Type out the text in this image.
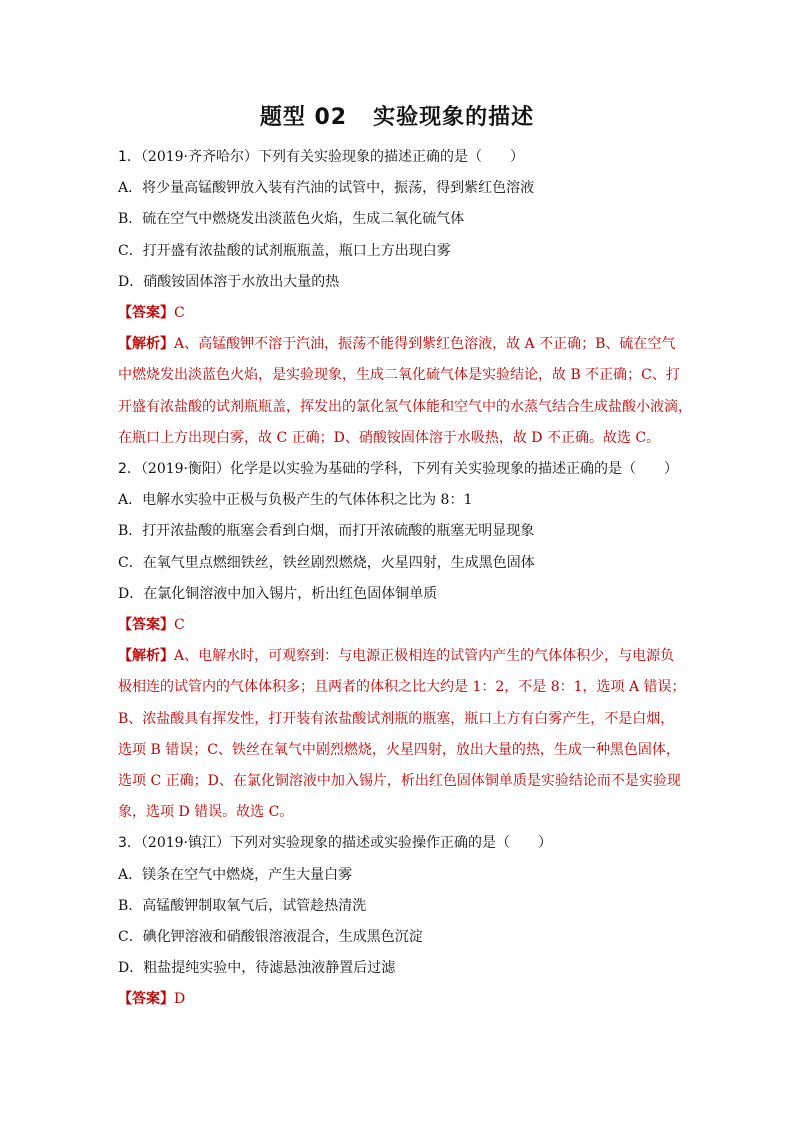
题型 02 实验现象的描述
1．（2019·齐齐哈尔）下列有关实验现象的描述正确的是（　　）
A．将少量高锰酸钾放入装有汽油的试管中，振荡，得到紫红色溶液
B．硫在空气中燃烧发出淡蓝色火焰，生成二氧化硫气体
C．打开盛有浓盐酸的试剂瓶瓶盖，瓶口上方出现白雾
D．硝酸铵固体溶于水放出大量的热
【答案】C
【解析】A、高锰酸钾不溶于汽油，振荡不能得到紫红色溶液，故 A 不正确；B、硫在空气
中燃烧发出淡蓝色火焰，是实验现象，生成二氧化硫气体是实验结论，故 B 不正确；C、打
开盛有浓盐酸的试剂瓶瓶盖，挥发出的氯化氢气体能和空气中的水蒸气结合生成盐酸小液滴，
在瓶口上方出现白雾，故 C 正确；D、硝酸铵固体溶于水吸热，故 D 不正确。故选 C。
2．（2019·衡阳）化学是以实验为基础的学科，下列有关实验现象的描述正确的是（　　）
A．电解水实验中正极与负极产生的气体体积之比为 8：1
B．打开浓盐酸的瓶塞会看到白烟，而打开浓硫酸的瓶塞无明显现象
C．在氧气里点燃细铁丝，铁丝剧烈燃烧，火星四射，生成黑色固体
D．在氯化铜溶液中加入锡片，析出红色固体铜单质
【答案】C
【解析】A、电解水时，可观察到：与电源正极相连的试管内产生的气体体积少，与电源负
极相连的试管内的气体体积多；且两者的体积之比大约是 1：2，不是 8：1，选项 A 错误；
B、浓盐酸具有挥发性，打开装有浓盐酸试剂瓶的瓶塞，瓶口上方有白雾产生，不是白烟，
选项 B 错误；C、铁丝在氧气中剧烈燃烧，火星四射，放出大量的热，生成一种黑色固体，
选项 C 正确；D、在氯化铜溶液中加入锡片，析出红色固体铜单质是实验结论而不是实验现
象，选项 D 错误。故选 C。
3．（2019·镇江）下列对实验现象的描述或实验操作正确的是（　　）
A．镁条在空气中燃烧，产生大量白雾
B．高锰酸钾制取氧气后，试管趁热清洗
C．碘化钾溶液和硝酸银溶液混合，生成黑色沉淀
D．粗盐提纯实验中，待滤悬浊液静置后过滤
【答案】D
